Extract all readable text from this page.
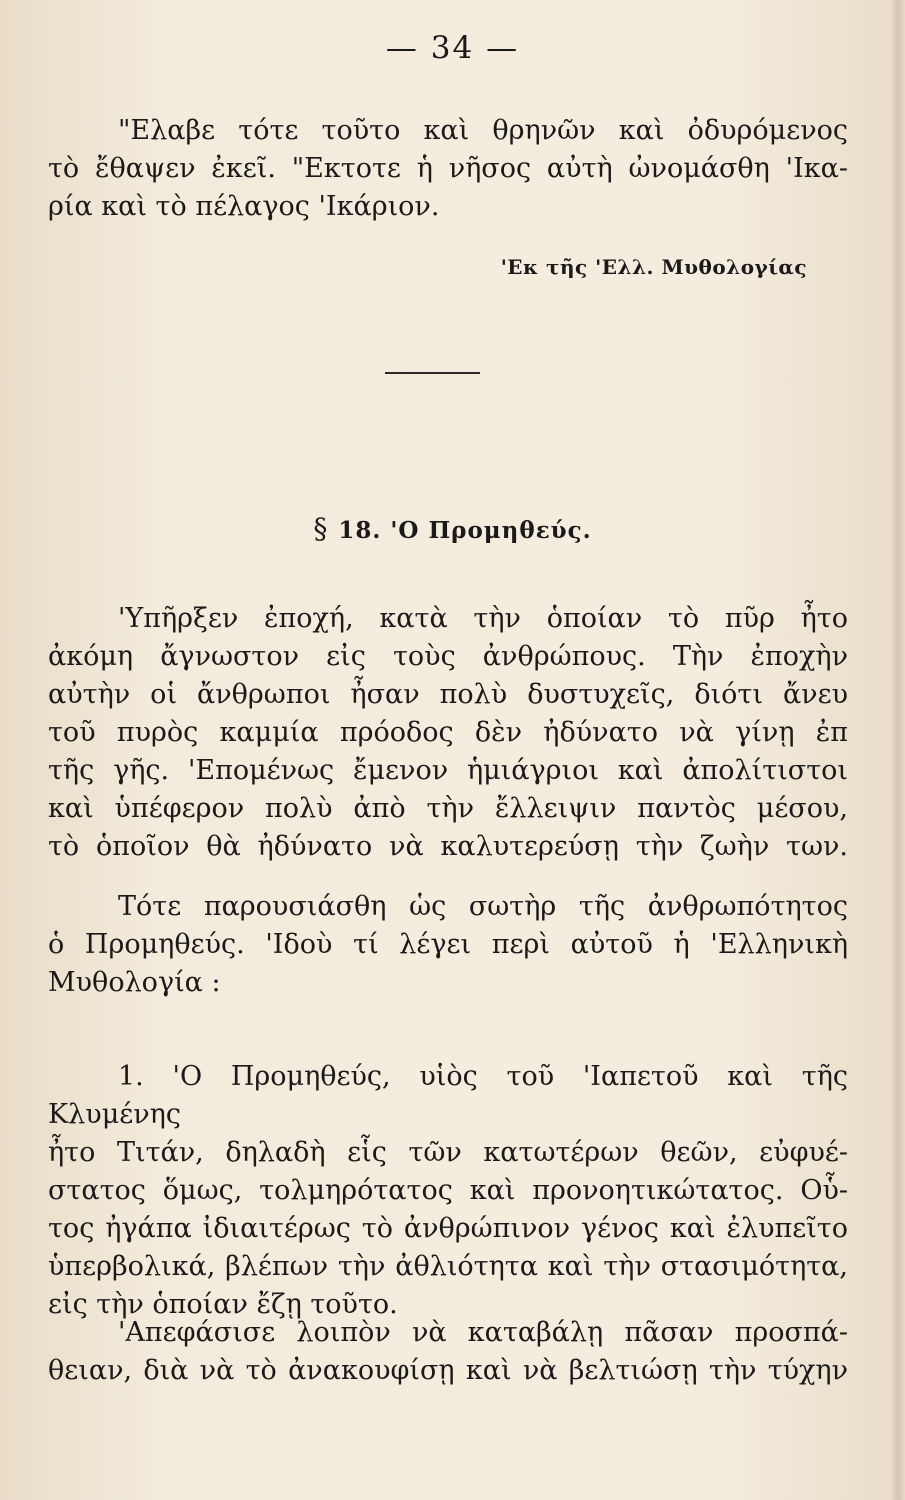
— 34 —
"Ελαβε τότε τοῦτο καὶ θρηνῶν καὶ ὀδυρόμενος
τὸ ἔθαψεν ἐκεῖ. "Εκτοτε ἡ νῆσος αὐτὴ ὠνομάσθη 'Ικα-
ρία καὶ τὸ πέλαγος 'Ικάριον.
'Εκ τῆς 'Ελλ. Μυθολογίας
§ 18. 'Ο Προμηθεύς.
'Υπῆρξεν ἐποχή, κατὰ τὴν ὁποίαν τὸ πῦρ ἦτο
ἀκόμη ἄγνωστον εἰς τοὺς ἀνθρώπους. Τὴν ἐποχὴν
αὐτὴν οἱ ἄνθρωποι ἦσαν πολὺ δυστυχεῖς, διότι ἄνευ
τοῦ πυρὸς καμμία πρόοδος δὲν ἠδύνατο νὰ γίνῃ ἐπ
τῆς γῆς. 'Επομένως ἔμενον ἡμιάγριοι καὶ ἀπολίτιστοι
καὶ ὑπέφερον πολὺ ἀπὸ τὴν ἔλλειψιν παντὸς μέσου,
τὸ ὁποῖον θὰ ἠδύνατο νὰ καλυτερεύσῃ τὴν ζωὴν των.
Τότε παρουσιάσθη ὡς σωτὴρ τῆς ἀνθρωπότητος
ὁ Προμηθεύς. 'Ιδοὺ τί λέγει περὶ αὐτοῦ ἡ 'Ελληνικὴ
Μυθολογία :
1. 'Ο Προμηθεύς, υἱὸς τοῦ 'Ιαπετοῦ καὶ τῆς Κλυμένης
ἦτο Τιτάν, δηλαδὴ εἷς τῶν κατωτέρων θεῶν, εὐφυέ-
στατος ὅμως, τολμηρότατος καὶ προνοητικώτατος. Οὗ-
τος ἠγάπα ἰδιαιτέρως τὸ ἀνθρώπινον γένος καὶ ἐλυπεῖτο
ὑπερβολικά, βλέπων τὴν ἀθλιότητα καὶ τὴν στασιμότητα,
εἰς τὴν ὁποίαν ἔζῃ τοῦτο.
'Απεφάσισε λοιπὸν νὰ καταβάλῃ πᾶσαν προσπά-
θειαν, διὰ νὰ τὸ ἀνακουφίσῃ καὶ νὰ βελτιώσῃ τὴν τύχην
